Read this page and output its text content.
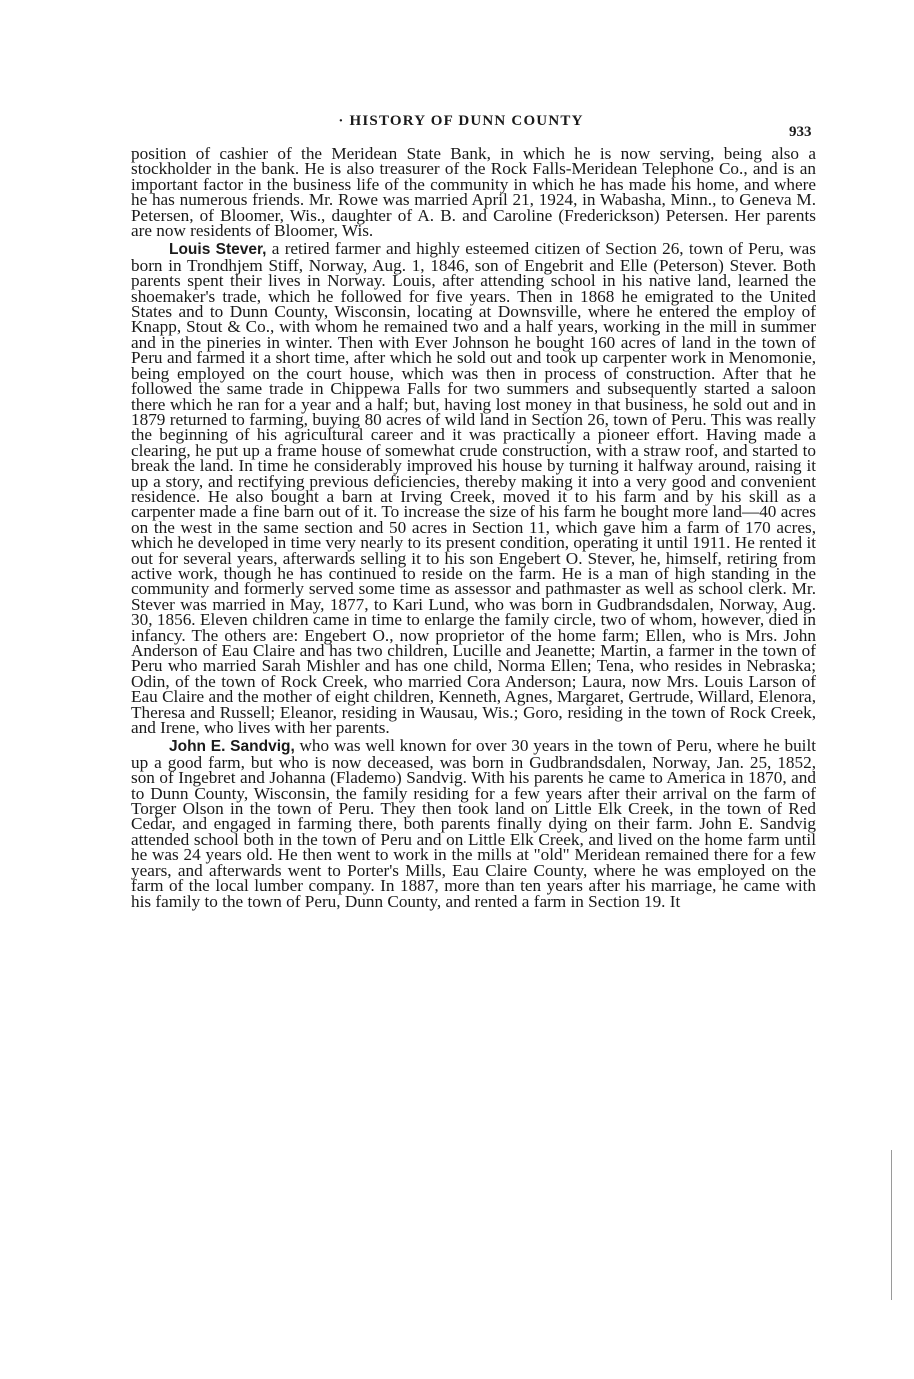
· HISTORY OF DUNN COUNTY
933

position of cashier of the Meridean State Bank, in which he is now serving, being also a stockholder in the bank. He is also treasurer of the Rock Falls-Meridean Telephone Co., and is an important factor in the business life of the community in which he has made his home, and where he has numerous friends. Mr. Rowe was married April 21, 1924, in Wabasha, Minn., to Geneva M. Petersen, of Bloomer, Wis., daughter of A. B. and Caroline (Frederickson) Petersen. Her parents are now residents of Bloomer, Wis.

Louis Stever, a retired farmer and highly esteemed citizen of Section 26, town of Peru, was born in Trondhjem Stiff, Norway, Aug. 1, 1846, son of Engebrit and Elle (Peterson) Stever. Both parents spent their lives in Norway. Louis, after attending school in his native land, learned the shoemaker's trade, which he followed for five years. Then in 1868 he emigrated to the United States and to Dunn County, Wisconsin, locating at Downsville, where he entered the employ of Knapp, Stout & Co., with whom he remained two and a half years, working in the mill in summer and in the pineries in winter. Then with Ever Johnson he bought 160 acres of land in the town of Peru and farmed it a short time, after which he sold out and took up carpenter work in Menomonie, being employed on the court house, which was then in process of construction. After that he followed the same trade in Chippewa Falls for two summers and subsequently started a saloon there which he ran for a year and a half; but, having lost money in that business, he sold out and in 1879 returned to farming, buying 80 acres of wild land in Section 26, town of Peru. This was really the beginning of his agricultural career and it was practically a pioneer effort. Having made a clearing, he put up a frame house of somewhat crude construction, with a straw roof, and started to break the land. In time he considerably improved his house by turning it halfway around, raising it up a story, and rectifying previous deficiencies, thereby making it into a very good and convenient residence. He also bought a barn at Irving Creek, moved it to his farm and by his skill as a carpenter made a fine barn out of it. To increase the size of his farm he bought more land—40 acres on the west in the same section and 50 acres in Section 11, which gave him a farm of 170 acres, which he developed in time very nearly to its present condition, operating it until 1911. He rented it out for several years, afterwards selling it to his son Engebert O. Stever, he, himself, retiring from active work, though he has continued to reside on the farm. He is a man of high standing in the community and formerly served some time as assessor and pathmaster as well as school clerk. Mr. Stever was married in May, 1877, to Kari Lund, who was born in Gudbrandsdalen, Norway, Aug. 30, 1856. Eleven children came in time to enlarge the family circle, two of whom, however, died in infancy. The others are: Engebert O., now proprietor of the home farm; Ellen, who is Mrs. John Anderson of Eau Claire and has two children, Lucille and Jeanette; Martin, a farmer in the town of Peru who married Sarah Mishler and has one child, Norma Ellen; Tena, who resides in Nebraska; Odin, of the town of Rock Creek, who married Cora Anderson; Laura, now Mrs. Louis Larson of Eau Claire and the mother of eight children, Kenneth, Agnes, Margaret, Gertrude, Willard, Elenora, Theresa and Russell; Eleanor, residing in Wausau, Wis.; Goro, residing in the town of Rock Creek, and Irene, who lives with her parents.

John E. Sandvig, who was well known for over 30 years in the town of Peru, where he built up a good farm, but who is now deceased, was born in Gudbrandsdalen, Norway, Jan. 25, 1852, son of Ingebret and Johanna (Flademo) Sandvig. With his parents he came to America in 1870, and to Dunn County, Wisconsin, the family residing for a few years after their arrival on the farm of Torger Olson in the town of Peru. They then took land on Little Elk Creek, in the town of Red Cedar, and engaged in farming there, both parents finally dying on their farm. John E. Sandvig attended school both in the town of Peru and on Little Elk Creek, and lived on the home farm until he was 24 years old. He then went to work in the mills at "old" Meridean remained there for a few years, and afterwards went to Porter's Mills, Eau Claire County, where he was employed on the farm of the local lumber company. In 1887, more than ten years after his marriage, he came with his family to the town of Peru, Dunn County, and rented a farm in Section 19. It
